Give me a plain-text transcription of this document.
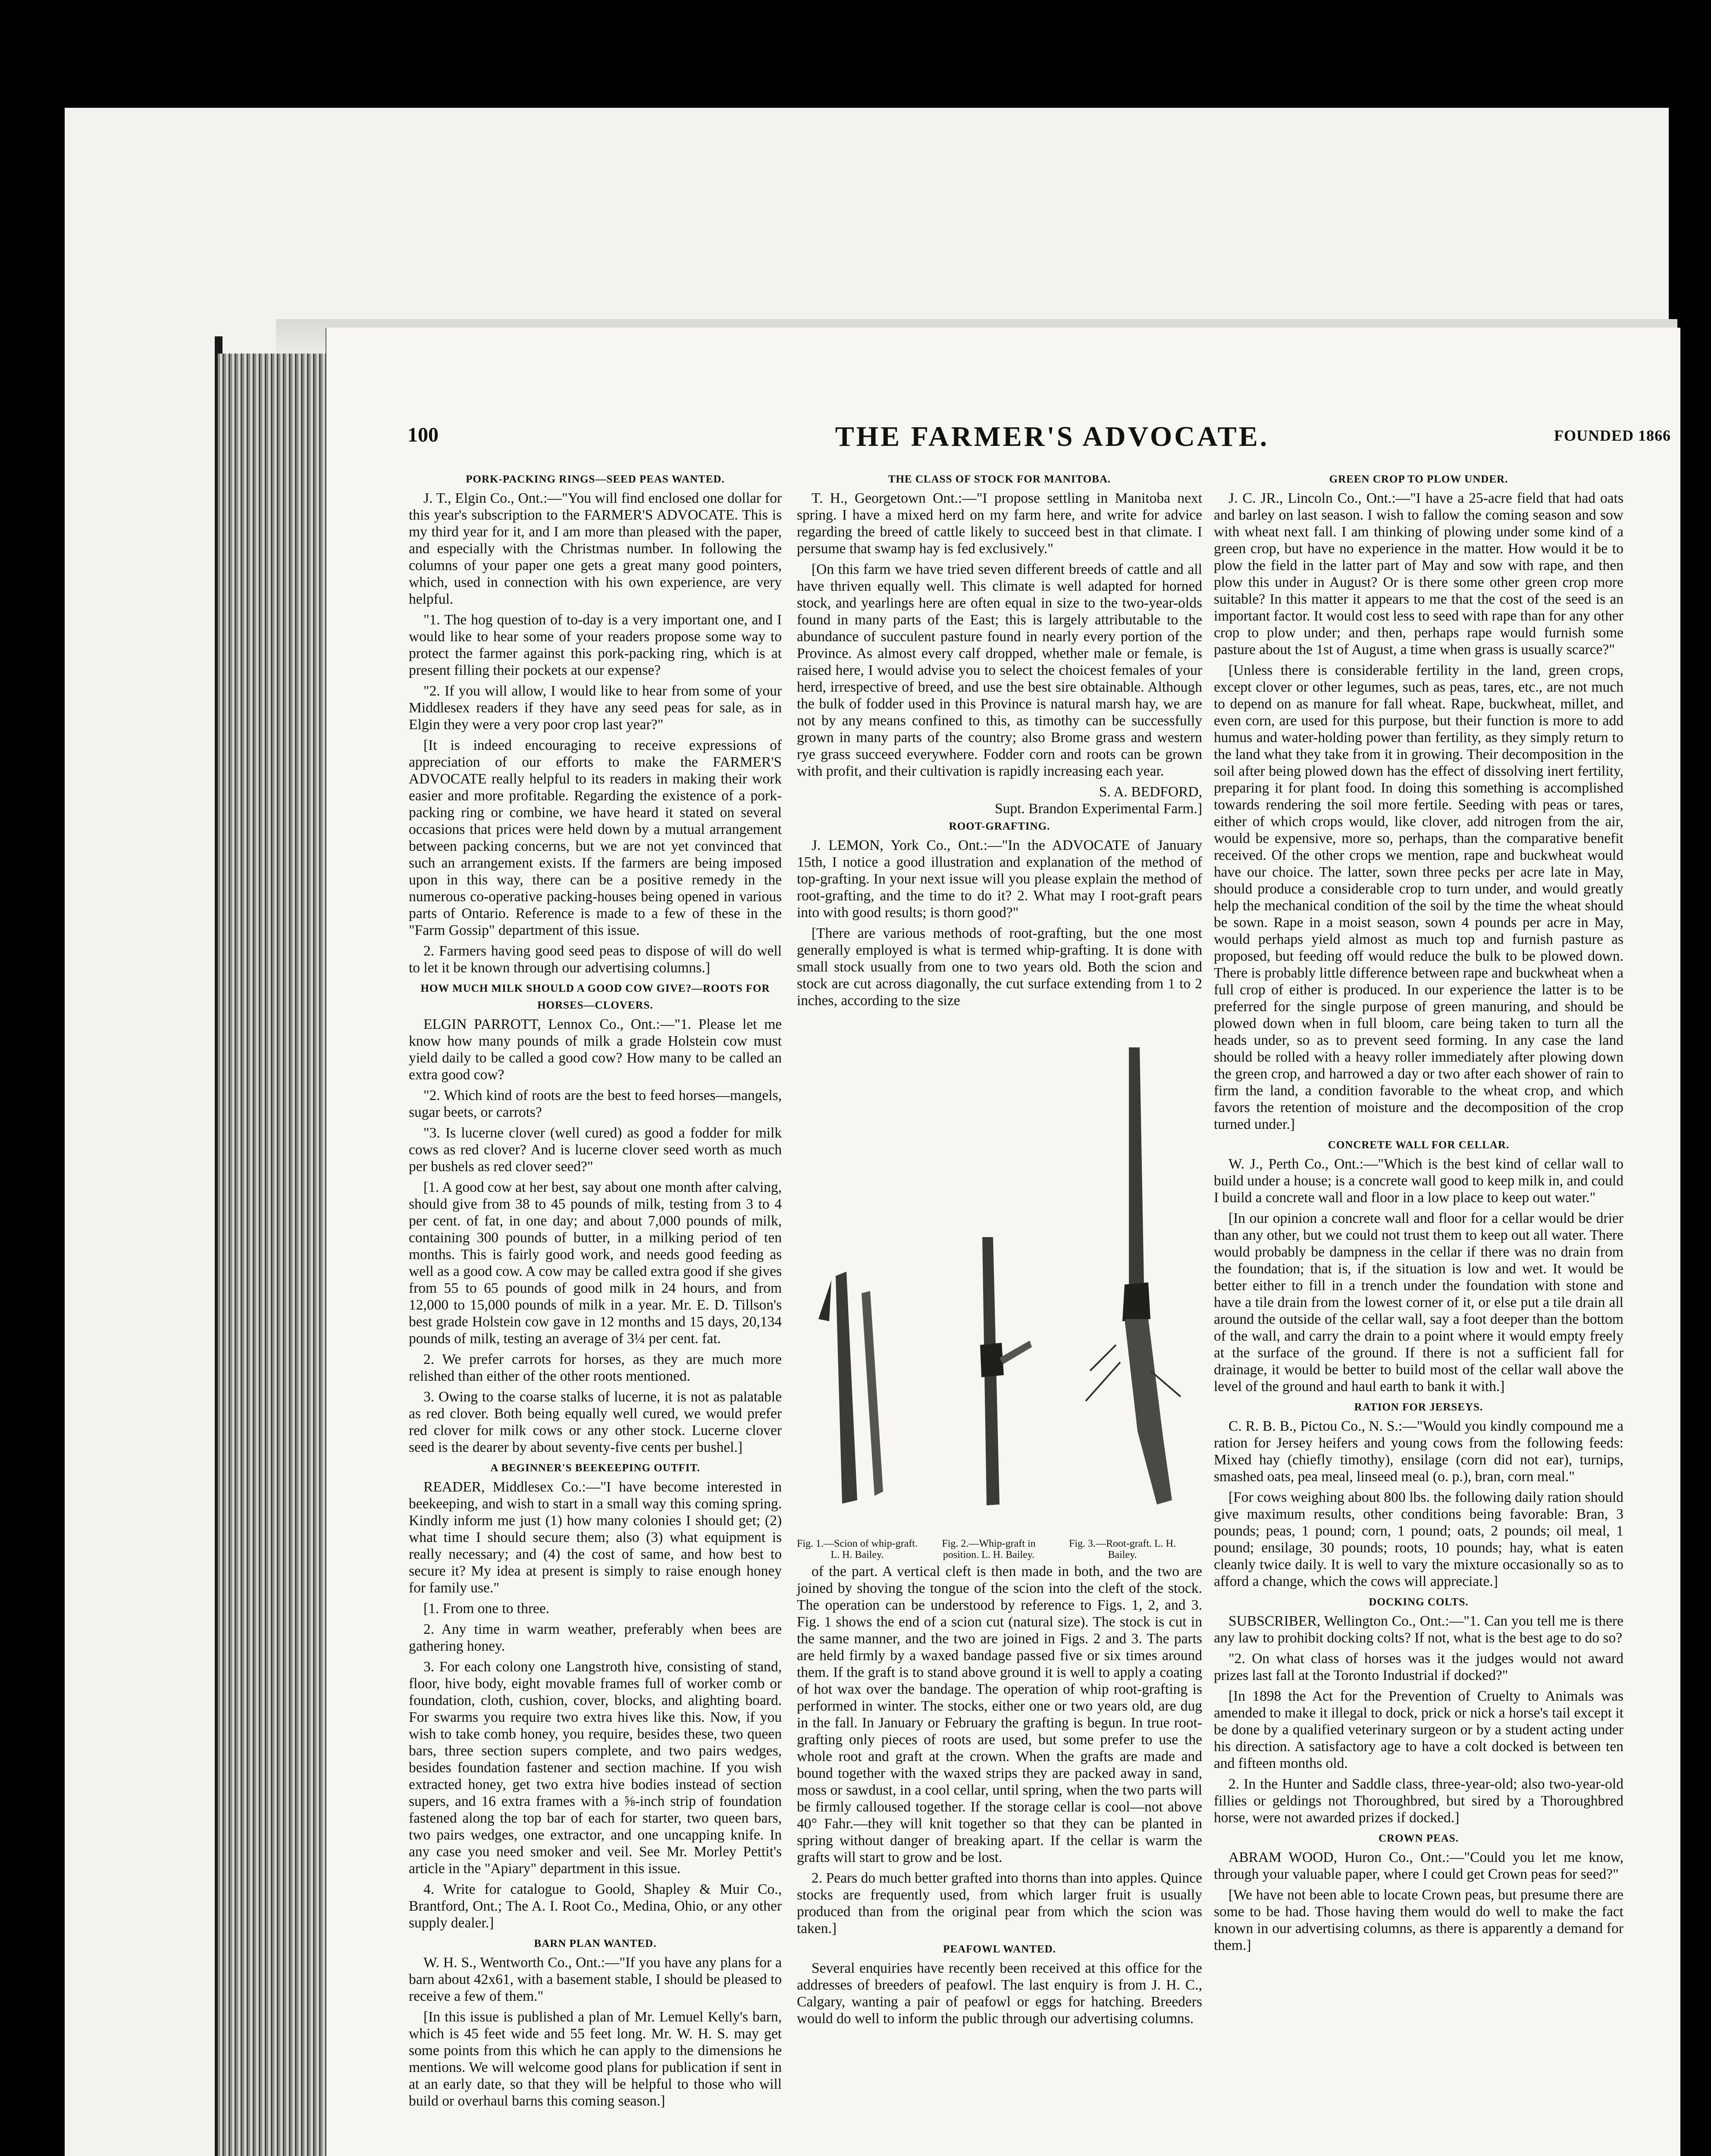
100	THE FARMER'S ADVOCATE.	FOUNDED 1866
PORK-PACKING RINGS—SEED PEAS WANTED.

J. T., Elgin Co., Ont.:—"You will find enclosed one dollar for this year's subscription to the FARMER'S ADVOCATE. This is my third year for it, and I am more than pleased with the paper, and especially with the Christmas number. In following the columns of your paper one gets a great many good pointers, which, used in connection with his own experience, are very helpful.

"1. The hog question of to-day is a very important one, and I would like to hear some of your readers propose some way to protect the farmer against this pork-packing ring, which is at present filling their pockets at our expense?

"2. If you will allow, I would like to hear from some of your Middlesex readers if they have any seed peas for sale, as in Elgin they were a very poor crop last year?"

[It is indeed encouraging to receive expressions of appreciation of our efforts to make the FARMER'S ADVOCATE really helpful to its readers in making their work easier and more profitable. Regarding the existence of a pork-packing ring or combine, we have heard it stated on several occasions that prices were held down by a mutual arrangement between packing concerns, but we are not yet convinced that such an arrangement exists. If the farmers are being imposed upon in this way, there can be a positive remedy in the numerous co-operative packing-houses being opened in various parts of Ontario. Reference is made to a few of these in the "Farm Gossip" department of this issue.

2. Farmers having good seed peas to dispose of will do well to let it be known through our advertising columns.]

HOW MUCH MILK SHOULD A GOOD COW GIVE?—ROOTS FOR HORSES—CLOVERS.

ELGIN PARROTT, Lennox Co., Ont.:—"1. Please let me know how many pounds of milk a grade Holstein cow must yield daily to be called a good cow? How many to be called an extra good cow?

"2. Which kind of roots are the best to feed horses—mangels, sugar beets, or carrots?

"3. Is lucerne clover (well cured) as good a fodder for milk cows as red clover? And is lucerne clover seed worth as much per bushels as red clover seed?"

[1. A good cow at her best, say about one month after calving, should give from 38 to 45 pounds of milk, testing from 3 to 4 per cent. of fat, in one day; and about 7,000 pounds of milk, containing 300 pounds of butter, in a milking period of ten months. This is fairly good work, and needs good feeding as well as a good cow. A cow may be called extra good if she gives from 55 to 65 pounds of good milk in 24 hours, and from 12,000 to 15,000 pounds of milk in a year. Mr. E. D. Tillson's best grade Holstein cow gave in 12 months and 15 days, 20,134 pounds of milk, testing an average of 3¼ per cent. fat.

2. We prefer carrots for horses, as they are much more relished than either of the other roots mentioned.

3. Owing to the coarse stalks of lucerne, it is not as palatable as red clover. Both being equally well cured, we would prefer red clover for milk cows or any other stock. Lucerne clover seed is the dearer by about seventy-five cents per bushel.]

A BEGINNER'S BEEKEEPING OUTFIT.

READER, Middlesex Co.:—"I have become interested in beekeeping, and wish to start in a small way this coming spring. Kindly inform me just (1) how many colonies I should get; (2) what time I should secure them; also (3) what equipment is really necessary; and (4) the cost of same, and how best to secure it? My idea at present is simply to raise enough honey for family use."

[1. From one to three.

2. Any time in warm weather, preferably when bees are gathering honey.

3. For each colony one Langstroth hive, consisting of stand, floor, hive body, eight movable frames full of worker comb or foundation, cloth, cushion, cover, blocks, and alighting board. For swarms you require two extra hives like this. Now, if you wish to take comb honey, you require, besides these, two queen bars, three section supers complete, and two pairs wedges, besides foundation fastener and section machine. If you wish extracted honey, get two extra hive bodies instead of section supers, and 16 extra frames with a ⅝-inch strip of foundation fastened along the top bar of each for starter, two queen bars, two pairs wedges, one extractor, and one uncapping knife. In any case you need smoker and veil. See Mr. Morley Pettit's article in the "Apiary" department in this issue.

4. Write for catalogue to Goold, Shapley & Muir Co., Brantford, Ont.; The A. I. Root Co., Medina, Ohio, or any other supply dealer.]

BARN PLAN WANTED.

W. H. S., Wentworth Co., Ont.:—"If you have any plans for a barn about 42x61, with a basement stable, I should be pleased to receive a few of them."

[In this issue is published a plan of Mr. Lemuel Kelly's barn, which is 45 feet wide and 55 feet long. Mr. W. H. S. may get some points from this which he can apply to the dimensions he mentions. We will welcome good plans for publication if sent in at an early date, so that they will be helpful to those who will build or overhaul barns this coming season.]

THE CLASS OF STOCK FOR MANITOBA.

T. H., Georgetown Ont.:—"I propose settling in Manitoba next spring. I have a mixed herd on my farm here, and write for advice regarding the breed of cattle likely to succeed best in that climate. I persume that swamp hay is fed exclusively."

[On this farm we have tried seven different breeds of cattle and all have thriven equally well. This climate is well adapted for horned stock, and yearlings here are often equal in size to the two-year-olds found in many parts of the East; this is largely attributable to the abundance of succulent pasture found in nearly every portion of the Province. As almost every calf dropped, whether male or female, is raised here, I would advise you to select the choicest females of your herd, irrespective of breed, and use the best sire obtainable. Although the bulk of fodder used in this Province is natural marsh hay, we are not by any means confined to this, as timothy can be successfully grown in many parts of the country; also Brome grass and western rye grass succeed everywhere. Fodder corn and roots can be grown with profit, and their cultivation is rapidly increasing each year.

S. A. BEDFORD,

Supt. Brandon Experimental Farm.]

ROOT-GRAFTING.

J. LEMON, York Co., Ont.:—"In the ADVOCATE of January 15th, I notice a good illustration and explanation of the method of top-grafting. In your next issue will you please explain the method of root-grafting, and the time to do it? 2. What may I root-graft pears into with good results; is thorn good?"

[There are various methods of root-grafting, but the one most generally employed is what is termed whip-grafting. It is done with small stock usually from one to two years old. Both the scion and stock are cut across diagonally, the cut surface extending from 1 to 2 inches, according to the size

Fig. 1.—Scion of whip-graft. L. H. Bailey.
Fig. 2.—Whip-graft in position. L. H. Bailey.
Fig. 3.—Root-graft. L. H. Bailey.

of the part. A vertical cleft is then made in both, and the two are joined by shoving the tongue of the scion into the cleft of the stock. The operation can be understood by reference to Figs. 1, 2, and 3. Fig. 1 shows the end of a scion cut (natural size). The stock is cut in the same manner, and the two are joined in Figs. 2 and 3. The parts are held firmly by a waxed bandage passed five or six times around them. If the graft is to stand above ground it is well to apply a coating of hot wax over the bandage. The operation of whip root-grafting is performed in winter. The stocks, either one or two years old, are dug in the fall. In January or February the grafting is begun. In true root-grafting only pieces of roots are used, but some prefer to use the whole root and graft at the crown. When the grafts are made and bound together with the waxed strips they are packed away in sand, moss or sawdust, in a cool cellar, until spring, when the two parts will be firmly calloused together. If the storage cellar is cool—not above 40° Fahr.—they will knit together so that they can be planted in spring without danger of breaking apart. If the cellar is warm the grafts will start to grow and be lost.

2. Pears do much better grafted into thorns than into apples. Quince stocks are frequently used, from which larger fruit is usually produced than from the original pear from which the scion was taken.]

PEAFOWL WANTED.

Several enquiries have recently been received at this office for the addresses of breeders of peafowl. The last enquiry is from J. H. C., Calgary, wanting a pair of peafowl or eggs for hatching. Breeders would do well to inform the public through our advertising columns.

GREEN CROP TO PLOW UNDER.

J. C. JR., Lincoln Co., Ont.:—"I have a 25-acre field that had oats and barley on last season. I wish to fallow the coming season and sow with wheat next fall. I am thinking of plowing under some kind of a green crop, but have no experience in the matter. How would it be to plow the field in the latter part of May and sow with rape, and then plow this under in August? Or is there some other green crop more suitable? In this matter it appears to me that the cost of the seed is an important factor. It would cost less to seed with rape than for any other crop to plow under; and then, perhaps rape would furnish some pasture about the 1st of August, a time when grass is usually scarce?"

[Unless there is considerable fertility in the land, green crops, except clover or other legumes, such as peas, tares, etc., are not much to depend on as manure for fall wheat. Rape, buckwheat, millet, and even corn, are used for this purpose, but their function is more to add humus and water-holding power than fertility, as they simply return to the land what they take from it in growing. Their decomposition in the soil after being plowed down has the effect of dissolving inert fertility, preparing it for plant food. In doing this something is accomplished towards rendering the soil more fertile. Seeding with peas or tares, either of which crops would, like clover, add nitrogen from the air, would be expensive, more so, perhaps, than the comparative benefit received. Of the other crops we mention, rape and buckwheat would have our choice. The latter, sown three pecks per acre late in May, should produce a considerable crop to turn under, and would greatly help the mechanical condition of the soil by the time the wheat should be sown. Rape in a moist season, sown 4 pounds per acre in May, would perhaps yield almost as much top and furnish pasture as proposed, but feeding off would reduce the bulk to be plowed down. There is probably little difference between rape and buckwheat when a full crop of either is produced. In our experience the latter is to be preferred for the single purpose of green manuring, and should be plowed down when in full bloom, care being taken to turn all the heads under, so as to prevent seed forming. In any case the land should be rolled with a heavy roller immediately after plowing down the green crop, and harrowed a day or two after each shower of rain to firm the land, a condition favorable to the wheat crop, and which favors the retention of moisture and the decomposition of the crop turned under.]

CONCRETE WALL FOR CELLAR.

W. J., Perth Co., Ont.:—"Which is the best kind of cellar wall to build under a house; is a concrete wall good to keep milk in, and could I build a concrete wall and floor in a low place to keep out water."

[In our opinion a concrete wall and floor for a cellar would be drier than any other, but we could not trust them to keep out all water. There would probably be dampness in the cellar if there was no drain from the foundation; that is, if the situation is low and wet. It would be better either to fill in a trench under the foundation with stone and have a tile drain from the lowest corner of it, or else put a tile drain all around the outside of the cellar wall, say a foot deeper than the bottom of the wall, and carry the drain to a point where it would empty freely at the surface of the ground. If there is not a sufficient fall for drainage, it would be better to build most of the cellar wall above the level of the ground and haul earth to bank it with.]

RATION FOR JERSEYS.

C. R. B. B., Pictou Co., N. S.:—"Would you kindly compound me a ration for Jersey heifers and young cows from the following feeds: Mixed hay (chiefly timothy), ensilage (corn did not ear), turnips, smashed oats, pea meal, linseed meal (o. p.), bran, corn meal."

[For cows weighing about 800 lbs. the following daily ration should give maximum results, other conditions being favorable: Bran, 3 pounds; peas, 1 pound; corn, 1 pound; oats, 2 pounds; oil meal, 1 pound; ensilage, 30 pounds; roots, 10 pounds; hay, what is eaten cleanly twice daily. It is well to vary the mixture occasionally so as to afford a change, which the cows will appreciate.]

DOCKING COLTS.

SUBSCRIBER, Wellington Co., Ont.:—"1. Can you tell me is there any law to prohibit docking colts? If not, what is the best age to do so?

"2. On what class of horses was it the judges would not award prizes last fall at the Toronto Industrial if docked?"

[In 1898 the Act for the Prevention of Cruelty to Animals was amended to make it illegal to dock, prick or nick a horse's tail except it be done by a qualified veterinary surgeon or by a student acting under his direction. A satisfactory age to have a colt docked is between ten and fifteen months old.

2. In the Hunter and Saddle class, three-year-old; also two-year-old fillies or geldings not Thoroughbred, but sired by a Thoroughbred horse, were not awarded prizes if docked.]

CROWN PEAS.

ABRAM WOOD, Huron Co., Ont.:—"Could you let me know, through your valuable paper, where I could get Crown peas for seed?"

[We have not been able to locate Crown peas, but presume there are some to be had. Those having them would do well to make the fact known in our advertising columns, as there is apparently a demand for them.]
